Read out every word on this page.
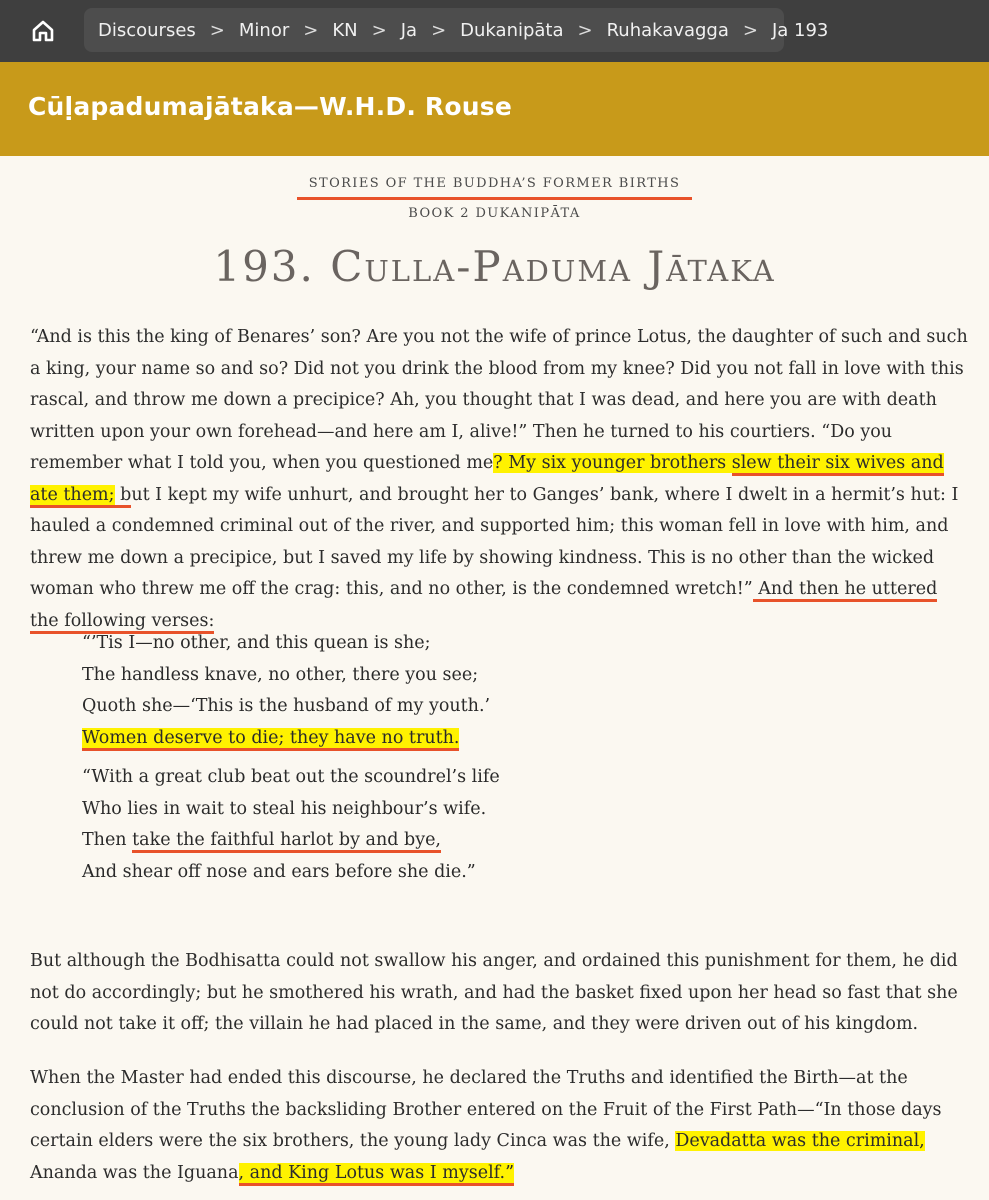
Discourses > Minor > KN > Ja > Dukanipāta > Ruhakavagga > Ja 193
Cūḷapadumajātaka—W.H.D. Rouse
STORIES OF THE BUDDHA’S FORMER BIRTHS
BOOK 2 DUKANIPĀTA
193. Culla-Paduma Jātaka

“And is this the king of Benares’ son? Are you not the wife of prince Lotus, the daughter of such and such a king, your name so and so? Did not you drink the blood from my knee? Did you not fall in love with this rascal, and throw me down a precipice? Ah, you thought that I was dead, and here you are with death written upon your own forehead—and here am I, alive!” Then he turned to his courtiers. “Do you remember what I told you, when you questioned me? My six younger brothers slew their six wives and ate them; but I kept my wife unhurt, and brought her to Ganges’ bank, where I dwelt in a hermit’s hut: I hauled a condemned criminal out of the river, and supported him; this woman fell in love with him, and threw me down a precipice, but I saved my life by showing kindness. This is no other than the wicked woman who threw me off the crag: this, and no other, is the condemned wretch!” And then he uttered the following verses:

“’Tis I—no other, and this quean is she;
The handless knave, no other, there you see;
Quoth she—‘This is the husband of my youth.’
Women deserve to die; they have no truth.

“With a great club beat out the scoundrel’s life
Who lies in wait to steal his neighbour’s wife.
Then take the faithful harlot by and bye,
And shear off nose and ears before she die.”

But although the Bodhisatta could not swallow his anger, and ordained this punishment for them, he did not do accordingly; but he smothered his wrath, and had the basket fixed upon her head so fast that she could not take it off; the villain he had placed in the same, and they were driven out of his kingdom.

When the Master had ended this discourse, he declared the Truths and identified the Birth—at the conclusion of the Truths the backsliding Brother entered on the Fruit of the First Path—“In those days certain elders were the six brothers, the young lady Cinca was the wife, Devadatta was the criminal, Ananda was the Iguana, and King Lotus was I myself.”
